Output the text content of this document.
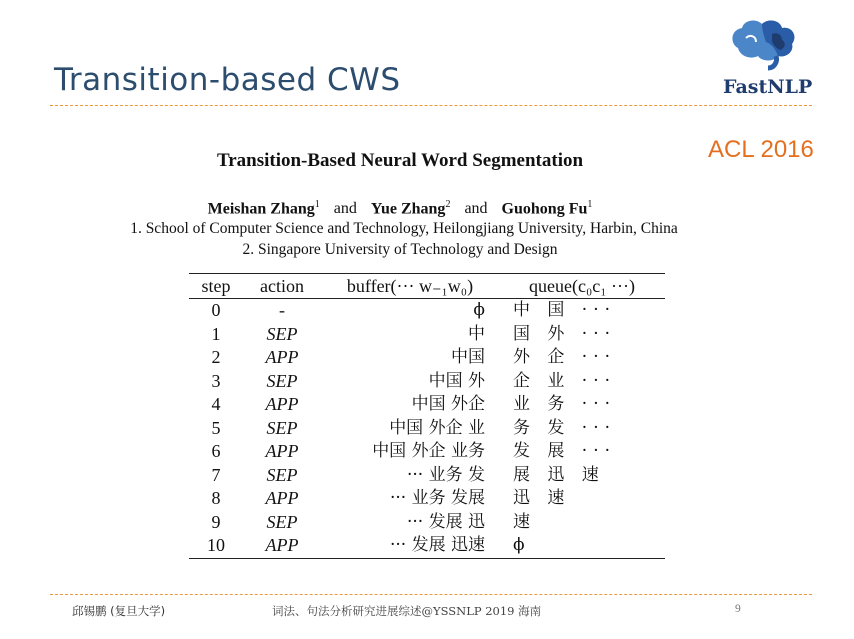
Transition-based CWS	FastNLP
ACL 2016
Transition-Based Neural Word Segmentation
Meishan Zhang$^1$ and Yue Zhang$^2$ and Guohong Fu$^1$
1. School of Computer Science and Technology, Heilongjiang University, Harbin, China
2. Singapore University of Technology and Design
step	action	buffer(··· w₋₁w₀)	queue(c₀c₁ ···)
0	-	ϕ	中 国 ···
1	SEP	中	国 外 ···
2	APP	中国	外 企 ···
3	SEP	中国 外	企 业 ···
4	APP	中国 外企	业 务 ···
5	SEP	中国 外企 业	务 发 ···
6	APP	中国 外企 业务	发 展 ···
7	SEP	··· 业务 发	展 迅 速
8	APP	··· 业务 发展	迅 速
9	SEP	··· 发展 迅	速
10	APP	··· 发展 迅速	ϕ
邱锡鹏 (复旦大学)	词法、句法分析研究进展综述@YSSNLP 2019 海南	9
